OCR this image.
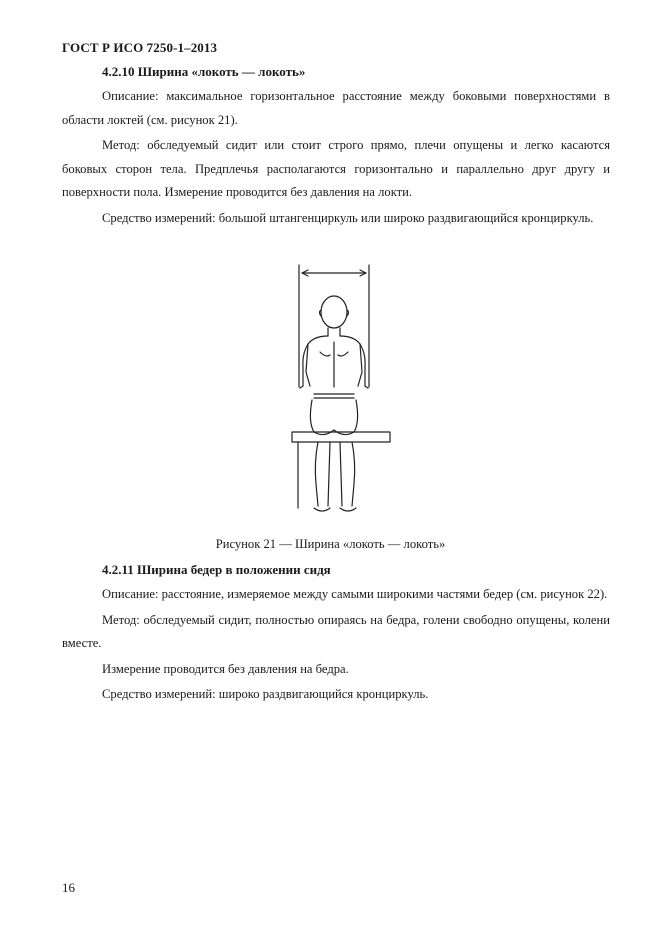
ГОСТ Р ИСО 7250-1–2013
4.2.10 Ширина «локоть — локоть»

Описание: максимальное горизонтальное расстояние между боковыми поверхностями в области локтей (см. рисунок 21).

Метод: обследуемый сидит или стоит строго прямо, плечи опущены и легко касаются боковых сторон тела. Предплечья располагаются горизонтально и параллельно друг другу и поверхности пола. Измерение проводится без давления на локти.

Средство измерений: большой штангенциркуль или широко раздвигающийся кронциркуль.

Рисунок 21 — Ширина «локоть — локоть»
4.2.11 Ширина бедер в положении сидя

Описание: расстояние, измеряемое между самыми широкими частями бедер (см. рисунок 22).

Метод: обследуемый сидит, полностью опираясь на бедра, голени свободно опущены, колени вместе.

Измерение проводится без давления на бедра.

Средство измерений: широко раздвигающийся кронциркуль.

16
